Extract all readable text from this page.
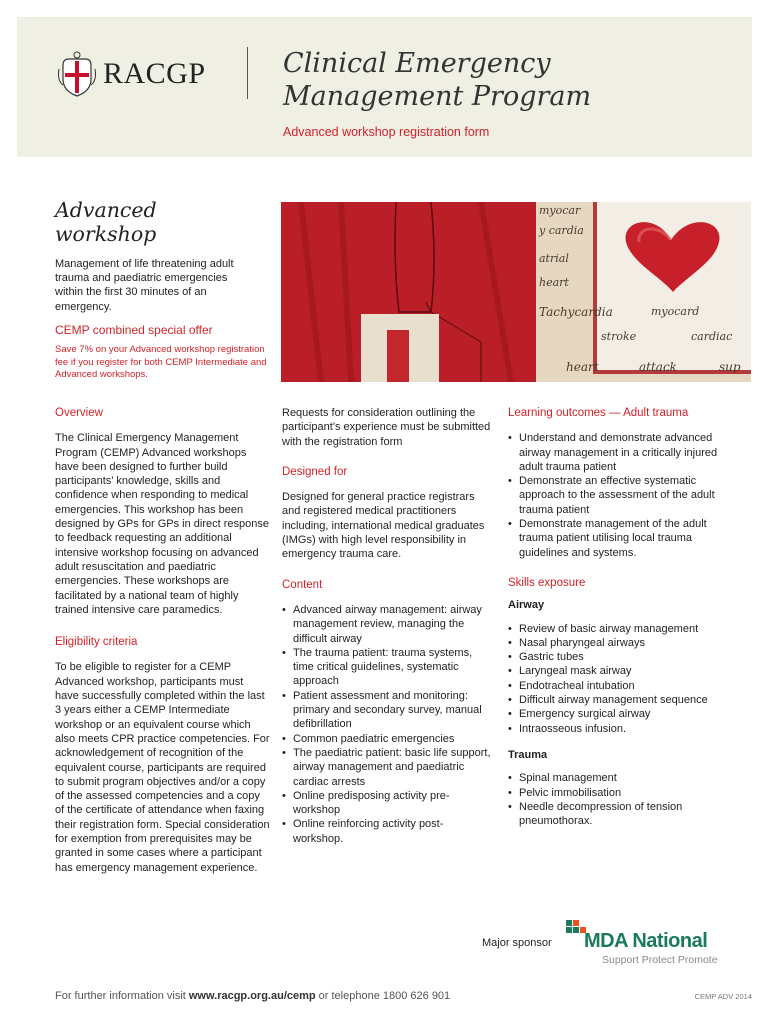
RACGP	Clinical Emergency
Management Program
Advanced workshop registration form
Advanced
workshop
Management of life threatening adult trauma and paediatric emergencies within the first 30 minutes of an emergency.
CEMP combined special offer
Save 7% on your Advanced workshop registration fee if you register for both CEMP Intermediate and Advanced workshops.
myocar
y cardia
atrial
heart
Tachycardia	myocard
stroke	cardiac
heart	attack	sup
Overview

The Clinical Emergency Management Program (CEMP) Advanced workshops have been designed to further build participants’ knowledge, skills and confidence when responding to medical emergencies. This workshop has been designed by GPs for GPs in direct response to feedback requesting an additional intensive workshop focusing on advanced adult resuscitation and paediatric emergencies. These workshops are facilitated by a national team of highly trained intensive care paramedics.

Eligibility criteria

To be eligible to register for a CEMP Advanced workshop, participants must have successfully completed within the last 3 years either a CEMP Intermediate workshop or an equivalent course which also meets CPR practice competencies. For acknowledgement of recognition of the equivalent course, participants are required to submit program objectives and/or a copy of the assessed competencies and a copy of the certificate of attendance when faxing their registration form. Special consideration for exemption from prerequisites may be granted in some cases where a participant has emergency management experience.

Requests for consideration outlining the participant’s experience must be submitted with the registration form

Designed for

Designed for general practice registrars and registered medical practitioners including, international medical graduates (IMGs) with high level responsibility in emergency trauma care.

Content
• Advanced airway management: airway management review, managing the difficult airway
• The trauma patient: trauma systems, time critical guidelines, systematic approach
• Patient assessment and monitoring: primary and secondary survey, manual defibrillation
• Common paediatric emergencies
• The paediatric patient: basic life support, airway management and paediatric cardiac arrests
• Online predisposing activity pre-workshop
• Online reinforcing activity post-workshop.
Learning outcomes — Adult trauma
• Understand and demonstrate advanced airway management in a critically injured adult trauma patient
• Demonstrate an effective systematic approach to the assessment of the adult trauma patient
• Demonstrate management of the adult trauma patient utilising local trauma guidelines and systems.
Skills exposure
Airway
• Review of basic airway management
• Nasal pharyngeal airways
• Gastric tubes
• Laryngeal mask airway
• Endotracheal intubation
• Difficult airway management sequence
• Emergency surgical airway
• Intraosseous infusion.
Trauma
• Spinal management
• Pelvic immobilisation
• Needle decompression of tension pneumothorax.
Major sponsor MDA National
Support Protect Promote
For further information visit www.racgp.org.au/cemp or telephone 1800 626 901	CEMP ADV 2014
